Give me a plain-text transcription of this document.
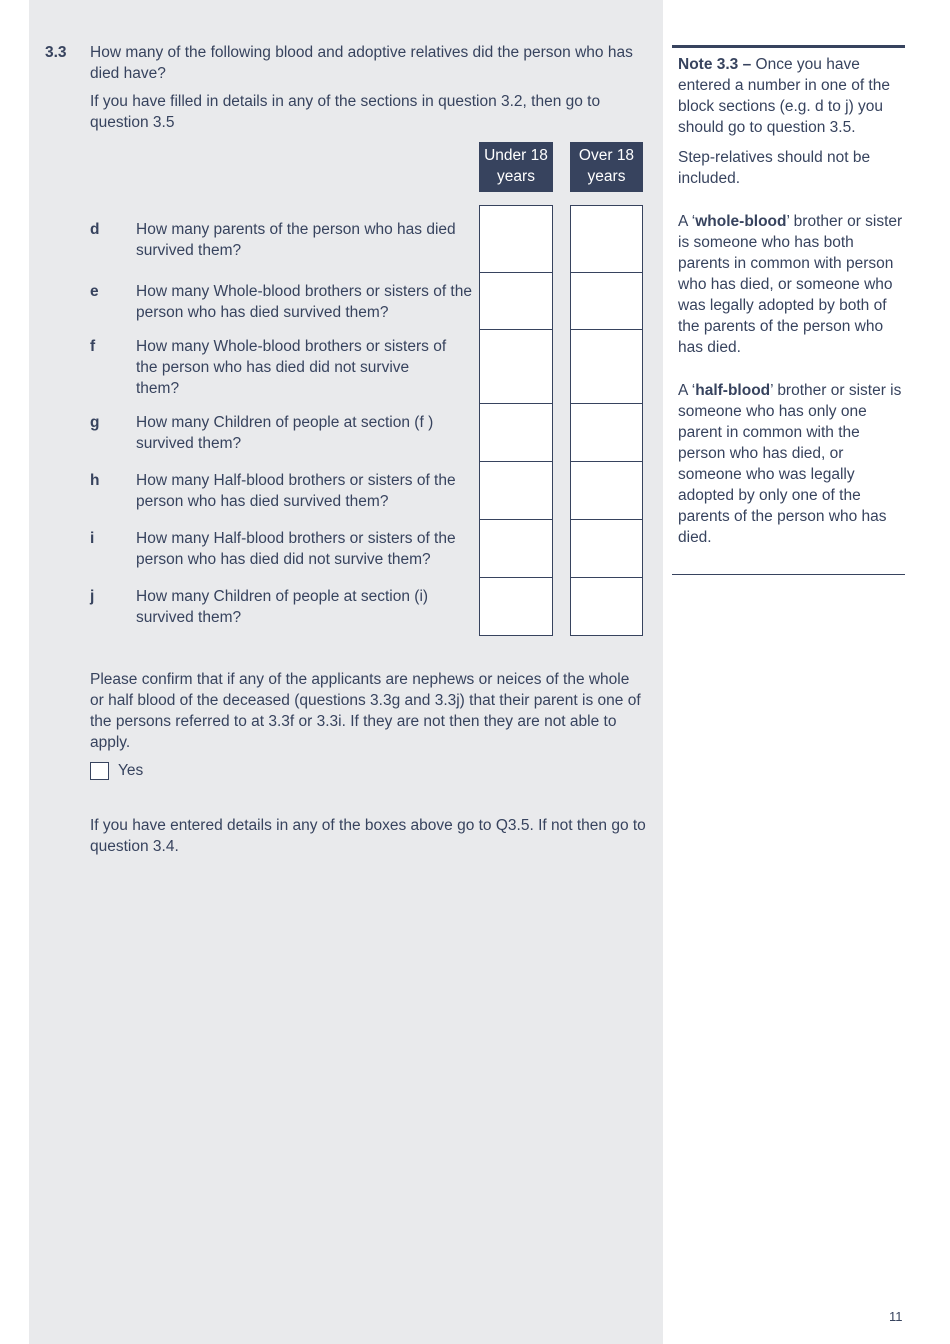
3.3 How many of the following blood and adoptive relatives did the person who has died have?
If you have filled in details in any of the sections in question 3.2, then go to question 3.5
Under 18 years
Over 18 years
d How many parents of the person who has died survived them?
e How many Whole-blood brothers or sisters of the person who has died survived them?
f	How many Whole-blood brothers or sisters of the person who has died did not survive them?
g How many Children of people at section (f ) survived them?
h How many Half-blood brothers or sisters of the person who has died survived them?
i	How many Half-blood brothers or sisters of the person who has died did not survive them?
j	How many Children of people at section (i) survived them?
Please confirm that if any of the applicants are nephews or neices of the whole or half blood of the deceased (questions 3.3g and 3.3j) that their parent is one of the persons referred to at 3.3f or 3.3i. If they are not then they are not able to apply.
Yes
If you have entered details in any of the boxes above go to Q3.5. If not then go to question 3.4.

Note 3.3 – Once you have entered a number in one of the block sections (e.g. d to j) you should go to question 3.5.

Step-relatives should not be included.

A ‘whole-blood’ brother or sister is someone who has both parents in common with person who has died, or someone who was legally adopted by both of the parents of the person who has died.

A ‘half-blood’ brother or sister is someone who has only one parent in common with the person who has died, or someone who was legally adopted by only one of the parents of the person who has died.

11
